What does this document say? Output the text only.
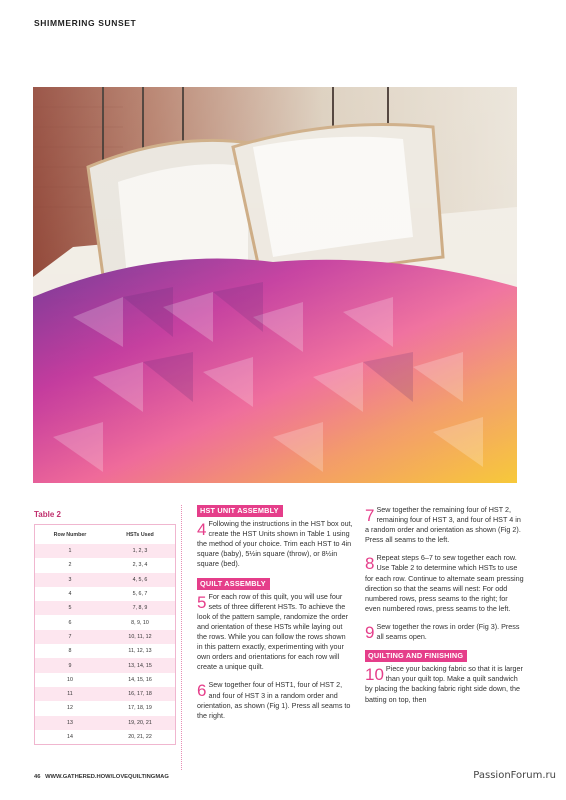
SHIMMERING SUNSET
Table 2
Row Number	HSTs Used
1	1, 2, 3
2	2, 3, 4
3	4, 5, 6
4	5, 6, 7
5	7, 8, 9
6	8, 9, 10
7	10, 11, 12
8	11, 12, 13
9	13, 14, 15
10	14, 15, 16
11	16, 17, 18
12	17, 18, 19
13	19, 20, 21
14	20, 21, 22
HST UNIT ASSEMBLY
4 Following the instructions in the HST box out, create the HST Units shown in Table 1 using the method of your choice. Trim each HST to 4in square (baby), 5½in square (throw), or 8½in square (bed).
QUILT ASSEMBLY
5 For each row of this quilt, you will use four sets of three different HSTs. To achieve the look of the pattern sample, randomize the order and orientation of these HSTs while laying out the rows. While you can follow the rows shown in this pattern exactly, experimenting with your own orders and orientations for each row will create a unique quilt.
6 Sew together four of HST1, four of HST 2, and four of HST 3 in a random order and orientation, as shown (Fig 1). Press all seams to the right.
7 Sew together the remaining four of HST 2, remaining four of HST 3, and four of HST 4 in a random order and orientation as shown (Fig 2). Press all seams to the left.
8 Repeat steps 6–7 to sew together each row. Use Table 2 to determine which HSTs to use for each row. Continue to alternate seam pressing direction so that the seams will nest: For odd numbered rows, press seams to the right; for even numbered rows, press seams to the left.
9 Sew together the rows in order (Fig 3). Press all seams open.
QUILTING AND FINISHING
10 Piece your backing fabric so that it is larger than your quilt top. Make a quilt sandwich by placing the backing fabric right side down, the batting on top, then
46 WWW.GATHERED.HOW/LOVEQUILTINGMAG	PassionForum.ru
